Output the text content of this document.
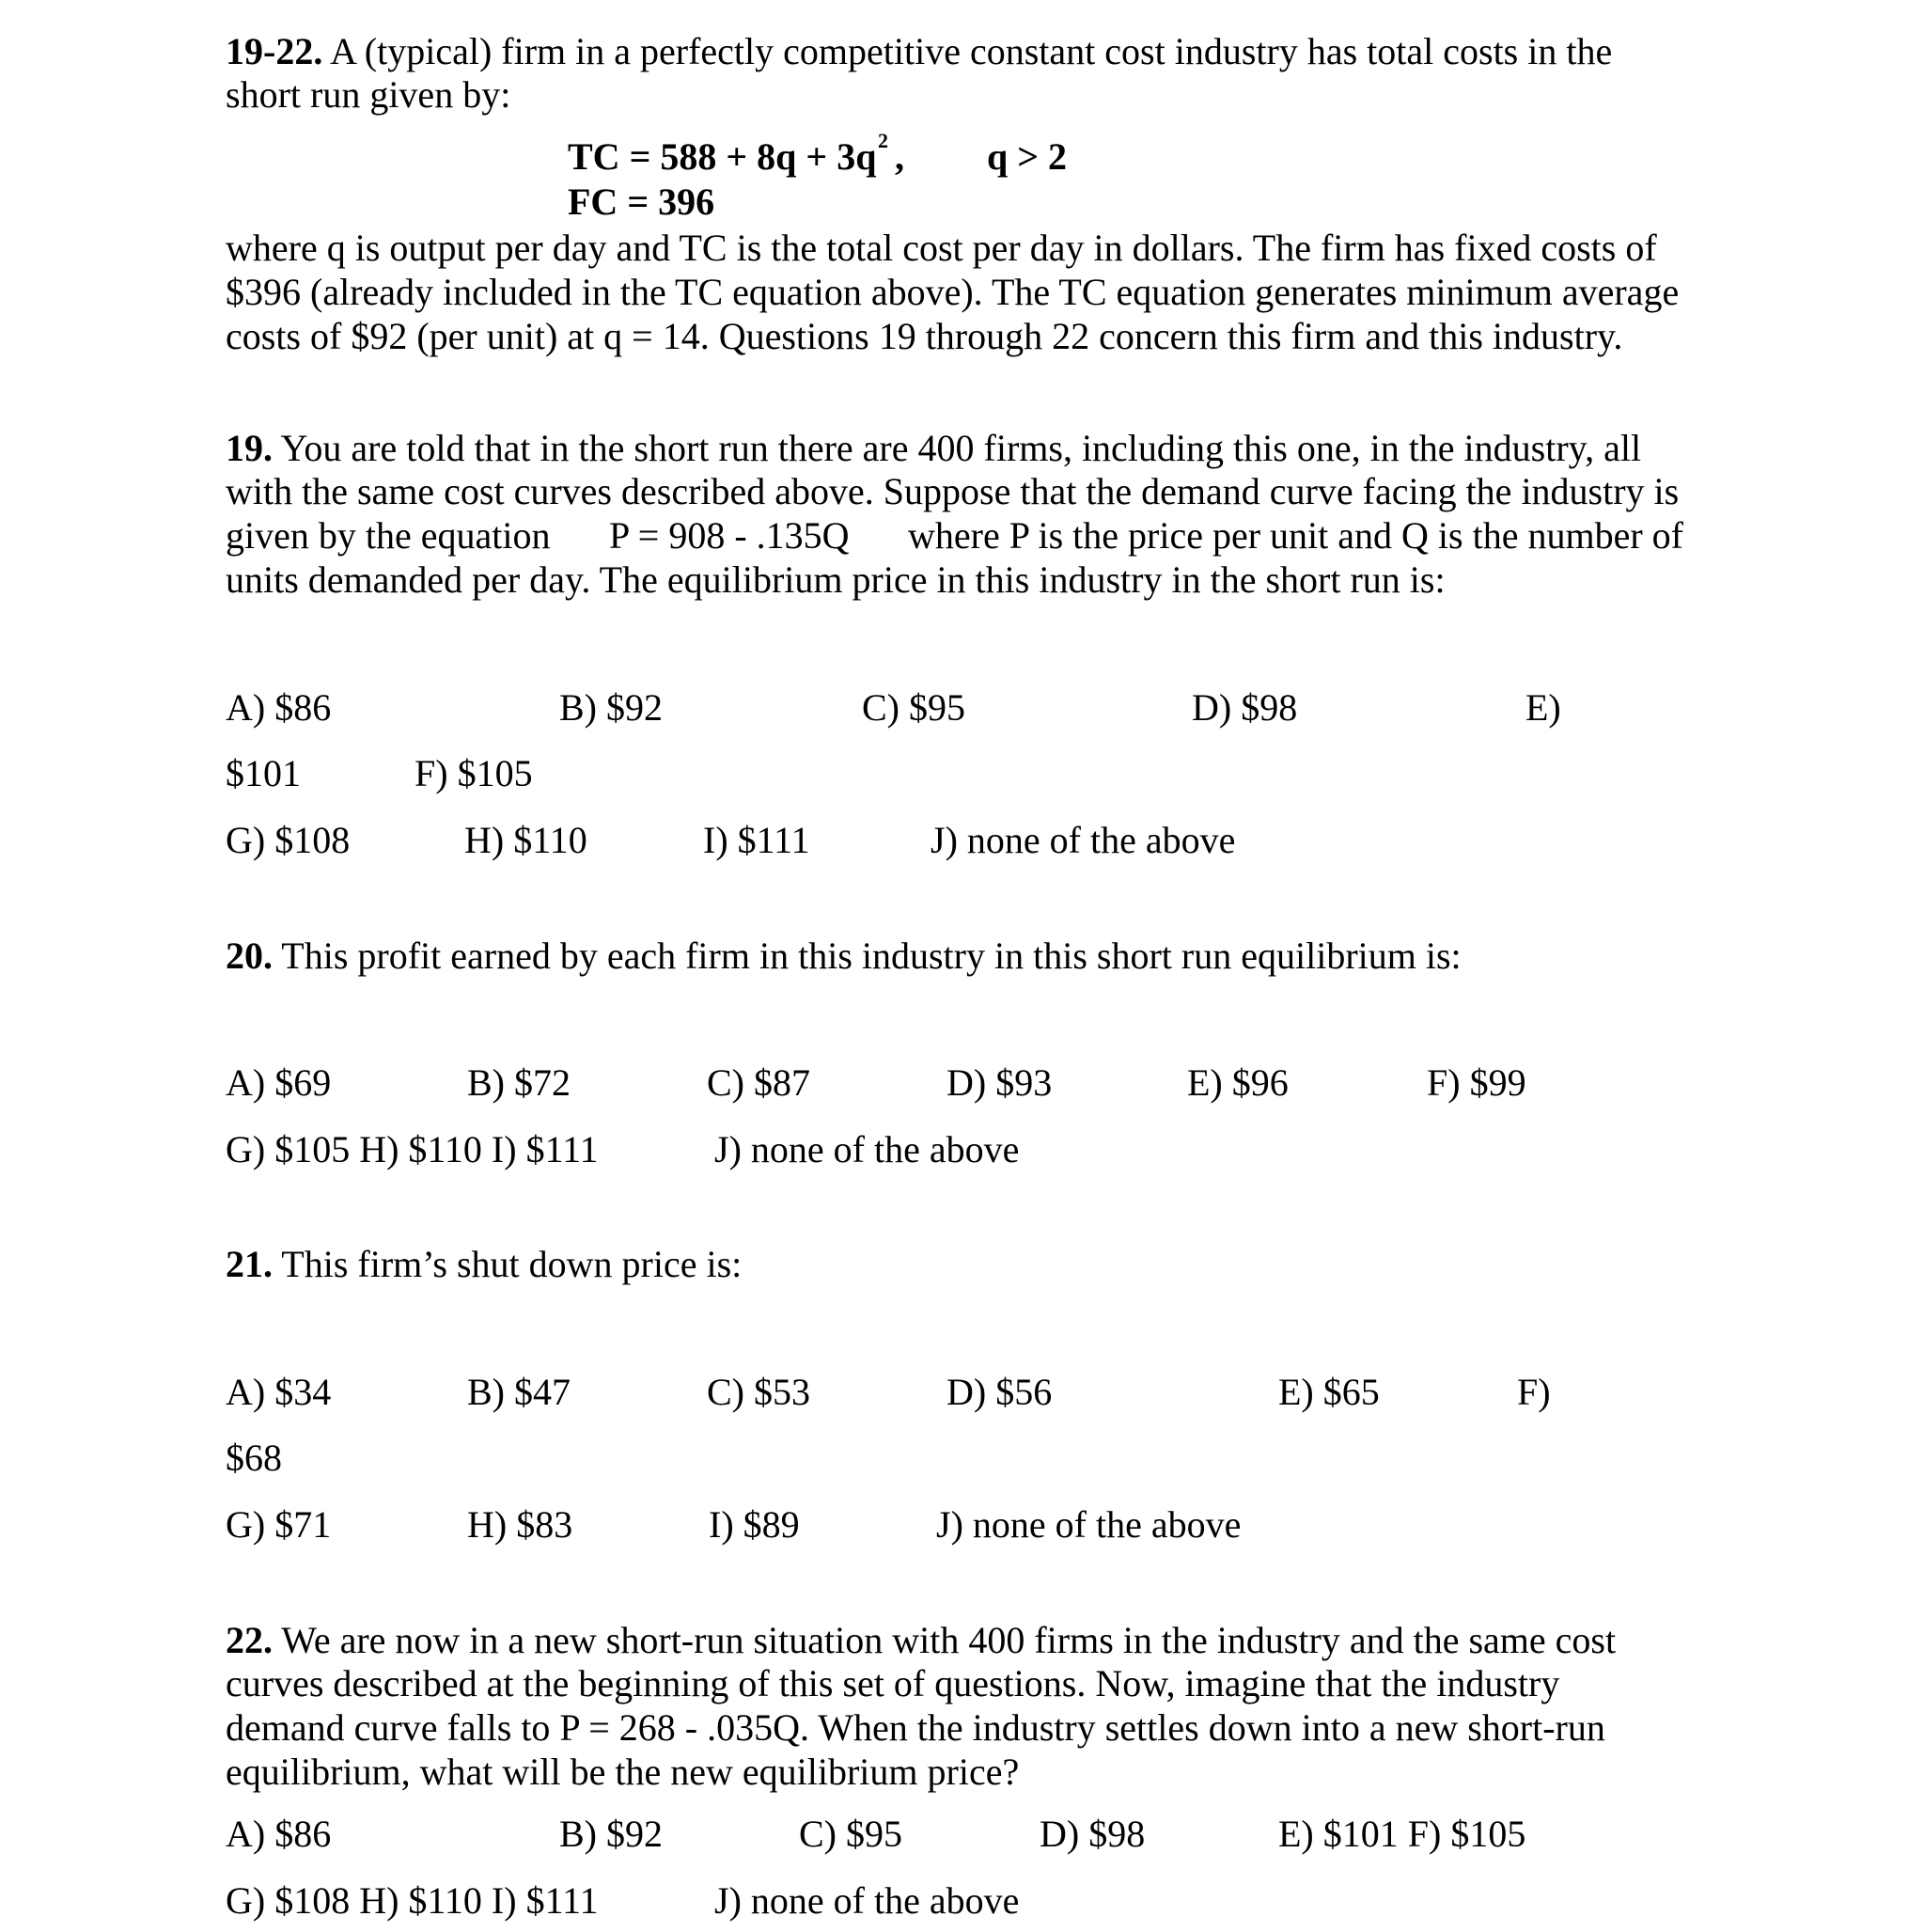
19-22. A (typical) firm in a perfectly competitive constant cost industry has total costs in the
short run given by:
TC = 588 + 8q + 3q 2 , q > 2
FC = 396
where q is output per day and TC is the total cost per day in dollars. The firm has fixed costs of
$396 (already included in the TC equation above). The TC equation generates minimum average
costs of $92 (per unit) at q = 14. Questions 19 through 22 concern this firm and this industry.
19. You are told that in the short run there are 400 firms, including this one, in the industry, all
with the same cost curves described above. Suppose that the demand curve facing the industry is
given by the equation P = 908 - .135Q where P is the price per unit and Q is the number of
units demanded per day. The equilibrium price in this industry in the short run is:
A) $86	B) $92	C) $95	D) $98	E)
$101	F) $105
G) $108	H) $110	I) $111	J) none of the above
20. This profit earned by each firm in this industry in this short run equilibrium is:
A) $69	B) $72	C) $87	D) $93	E) $96	F) $99
G) $105 H) $110 I) $111	J) none of the above
21. This firm’s shut down price is:
A) $34	B) $47	C) $53	D) $56	E) $65	F)
$68
G) $71	H) $83	I) $89	J) none of the above
22. We are now in a new short-run situation with 400 firms in the industry and the same cost
curves described at the beginning of this set of questions. Now, imagine that the industry
demand curve falls to P = 268 - .035Q. When the industry settles down into a new short-run
equilibrium, what will be the new equilibrium price?
A) $86	B) $92	C) $95	D) $98	E) $101 F) $105
G) $108 H) $110 I) $111	J) none of the above
